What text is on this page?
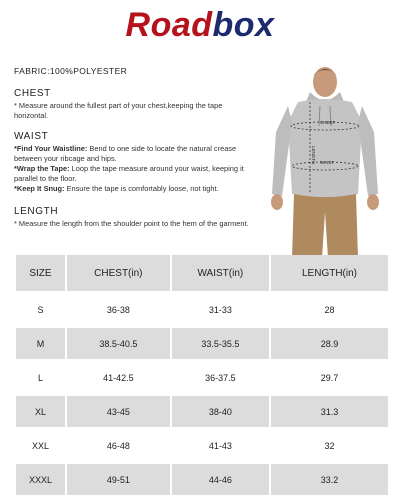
Roadbox
FABRIC:100%POLYESTER
CHEST
* Measure around the fullest part of your chest,keeping the tape horizontal.
WAIST
*Find Your Waistline: Bend to one side to locate the natural crease between your ribcage and hips.
*Wrap the Tape: Loop the tape measure around your waist, keeping it parallel to the floor.
*Keep It Snug: Ensure the tape is comfortably loose, not tight.
LENGTH
* Measure the length from the shoulder point to the hem of the garment.
CHEST
WAIST
LENGTH
SIZE	CHEST(in)	WAIST(in)	LENGTH(in)
S	36-38	31-33	28
M	38.5-40.5	33.5-35.5	28.9
L	41-42.5	36-37.5	29.7
XL	43-45	38-40	31.3
XXL	46-48	41-43	32
XXXL	49-51	44-46	33.2
